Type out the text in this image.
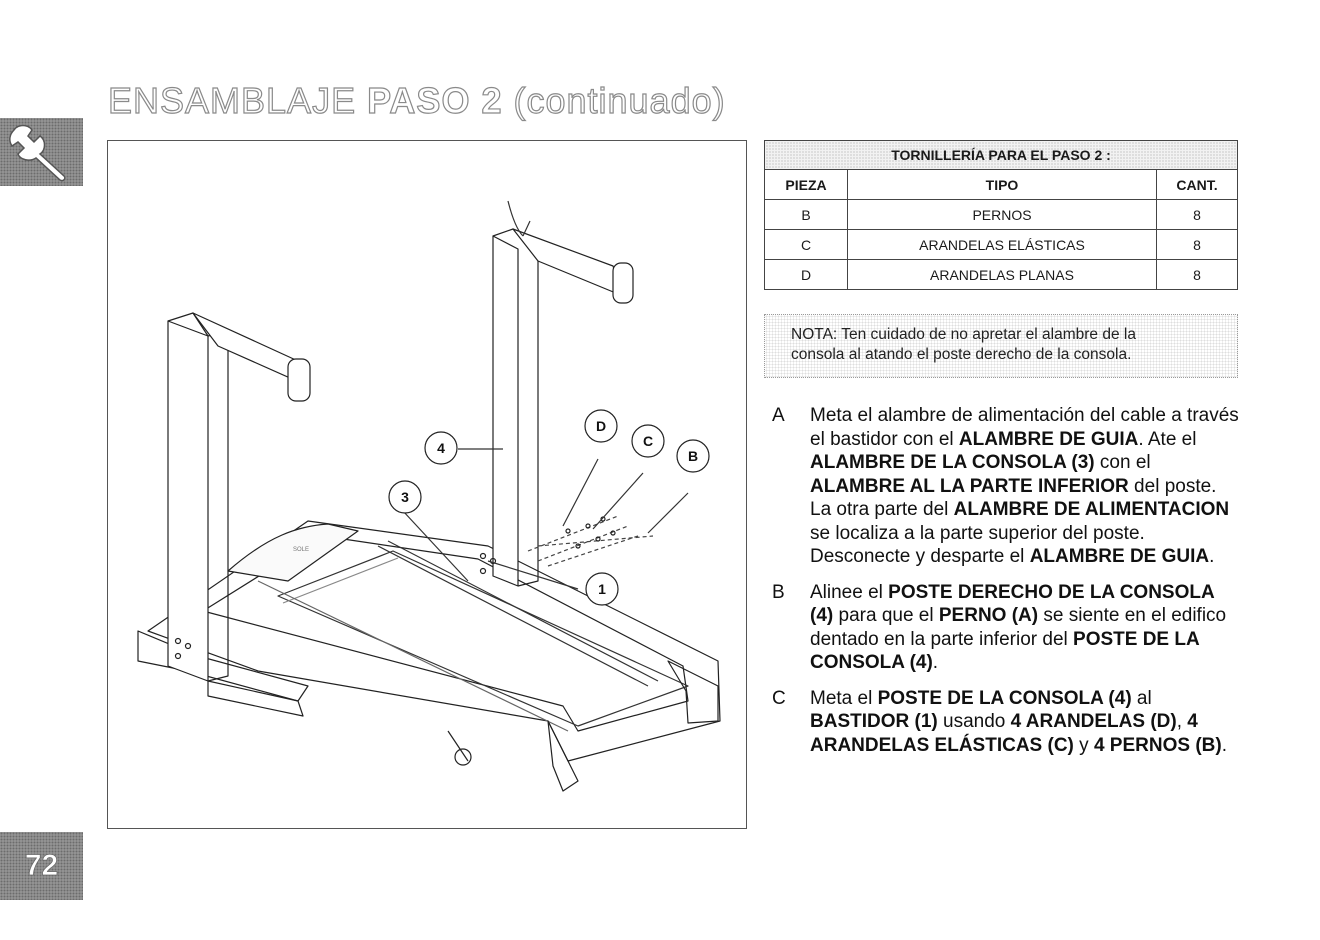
ENSAMBLAJE PASO 2 (continuado)
72
D
C
B
4
3
1
SOLE
TORNILLERÍA PARA EL PASO 2 :		
PIEZA	TIPO	CANT.
B	PERNOS	8
C	ARANDELAS ELÁSTICAS	8
D	ARANDELAS PLANAS	8
NOTA: Ten cuidado de no apretar el alambre de la
consola al atando el poste derecho de la consola.
A Meta el alambre de alimentación del cable a través el bastidor con el ALAMBRE DE GUIA. Ate el ALAMBRE DE LA CONSOLA (3) con el ALAMBRE AL LA PARTE INFERIOR del poste. La otra parte del ALAMBRE DE ALIMENTACION se localiza a la parte superior del poste. Desconecte y desparte el ALAMBRE DE GUIA.
B Alinee el POSTE DERECHO DE LA CONSOLA (4) para que el PERNO (A) se siente en el edifico dentado en la parte inferior del POSTE DE LA CONSOLA (4).
C Meta el POSTE DE LA CONSOLA (4) al BASTIDOR (1) usando 4 ARANDELAS (D), 4 ARANDELAS ELÁSTICAS (C) y 4 PERNOS (B).
